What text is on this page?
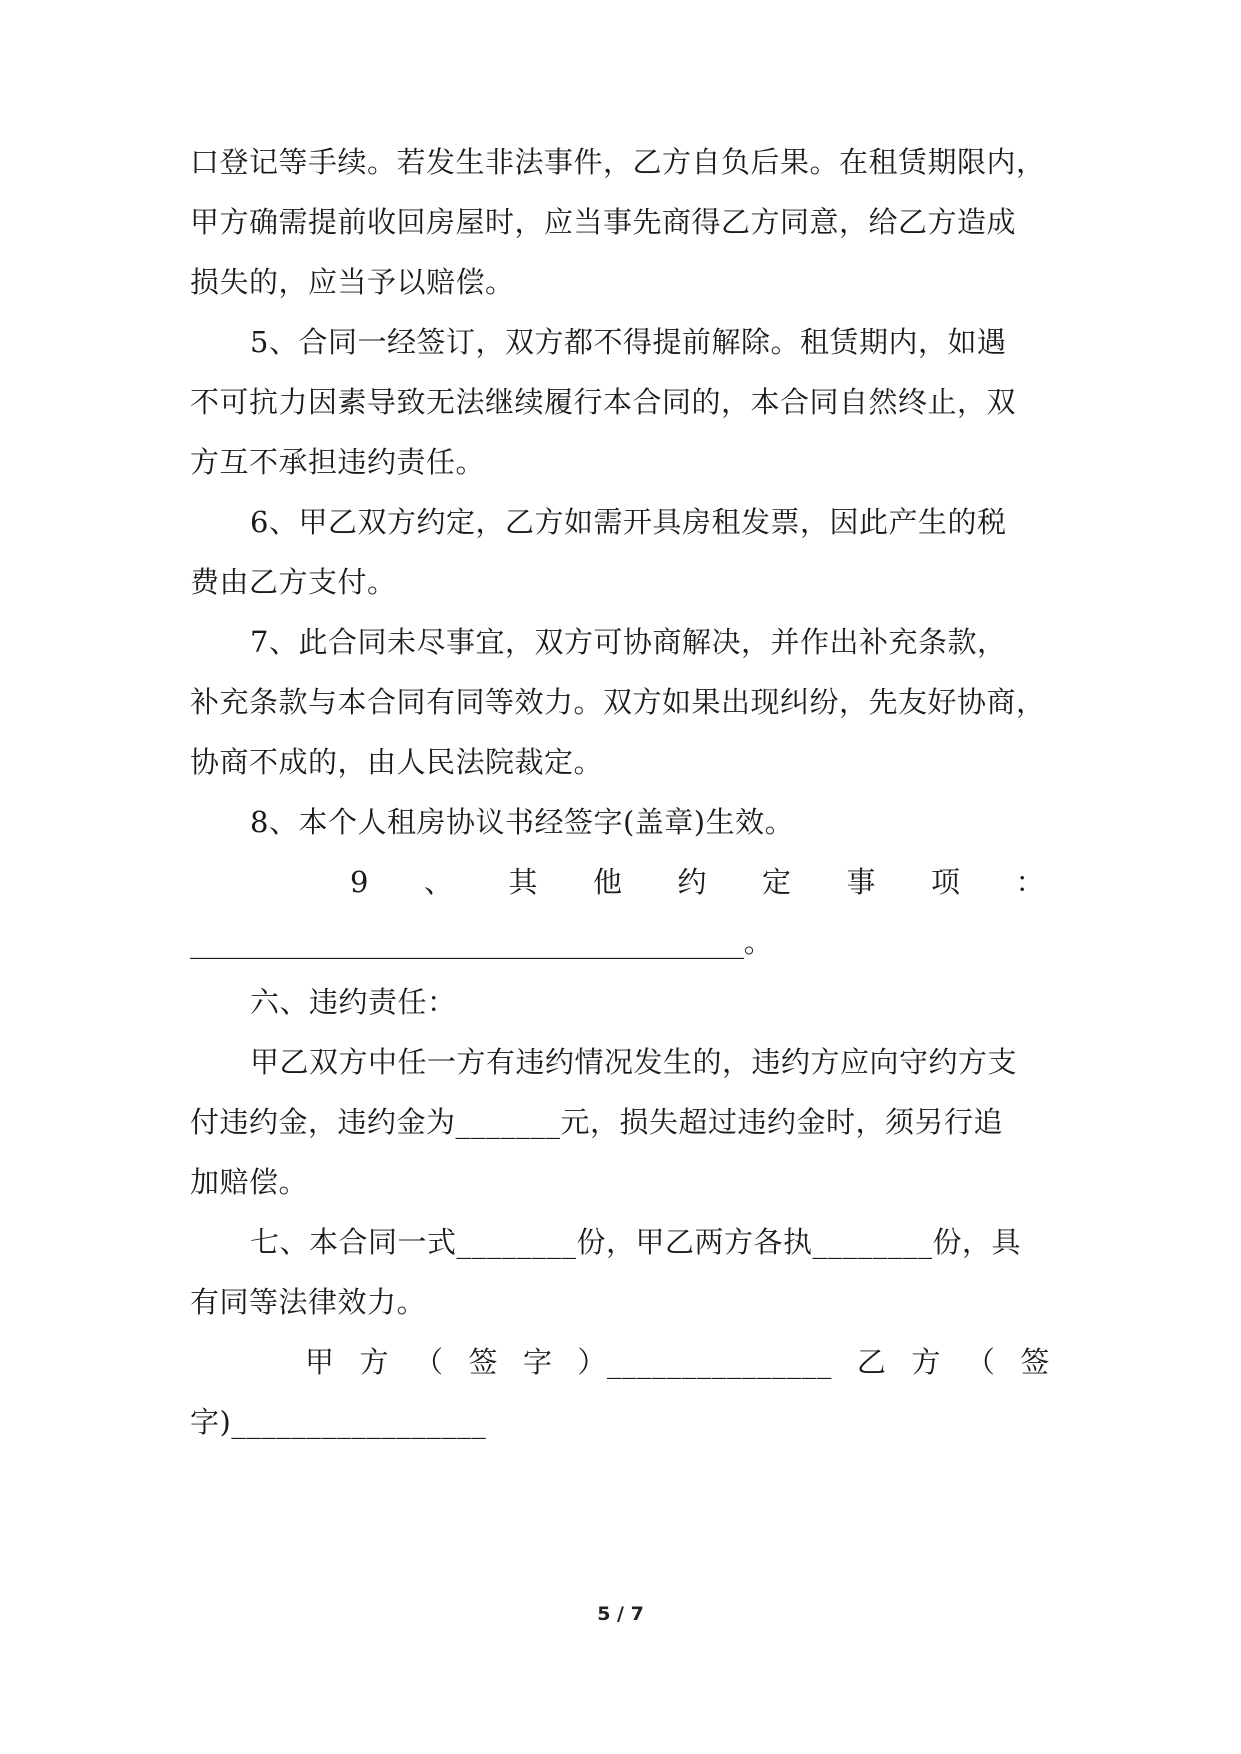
口登记等手续。若发生非法事件，乙方自负后果。在租赁期限内，
甲方确需提前收回房屋时，应当事先商得乙方同意，给乙方造成
损失的，应当予以赔偿。
5、合同一经签订，双方都不得提前解除。租赁期内，如遇
不可抗力因素导致无法继续履行本合同的，本合同自然终止，双
方互不承担违约责任。
6、甲乙双方约定，乙方如需开具房租发票，因此产生的税
费由乙方支付。
7、此合同未尽事宜，双方可协商解决，并作出补充条款，
补充条款与本合同有同等效力。双方如果出现纠纷，先友好协商，
协商不成的，由人民法院裁定。
8、本个人租房协议书经签字(盖章)生效。
9 、 其 他 约 定 事 项 ：
_______________________________________。
六、违约责任：
甲乙双方中任一方有违约情况发生的，违约方应向守约方支
付违约金，违约金为_______元，损失超过违约金时，须另行追
加赔偿。
七、本合同一式________份，甲乙两方各执________份，具
有同等法律效力。
甲 方 （ 签 字 ）_______________ 乙 方 （ 签
字)_________________
5 / 7
